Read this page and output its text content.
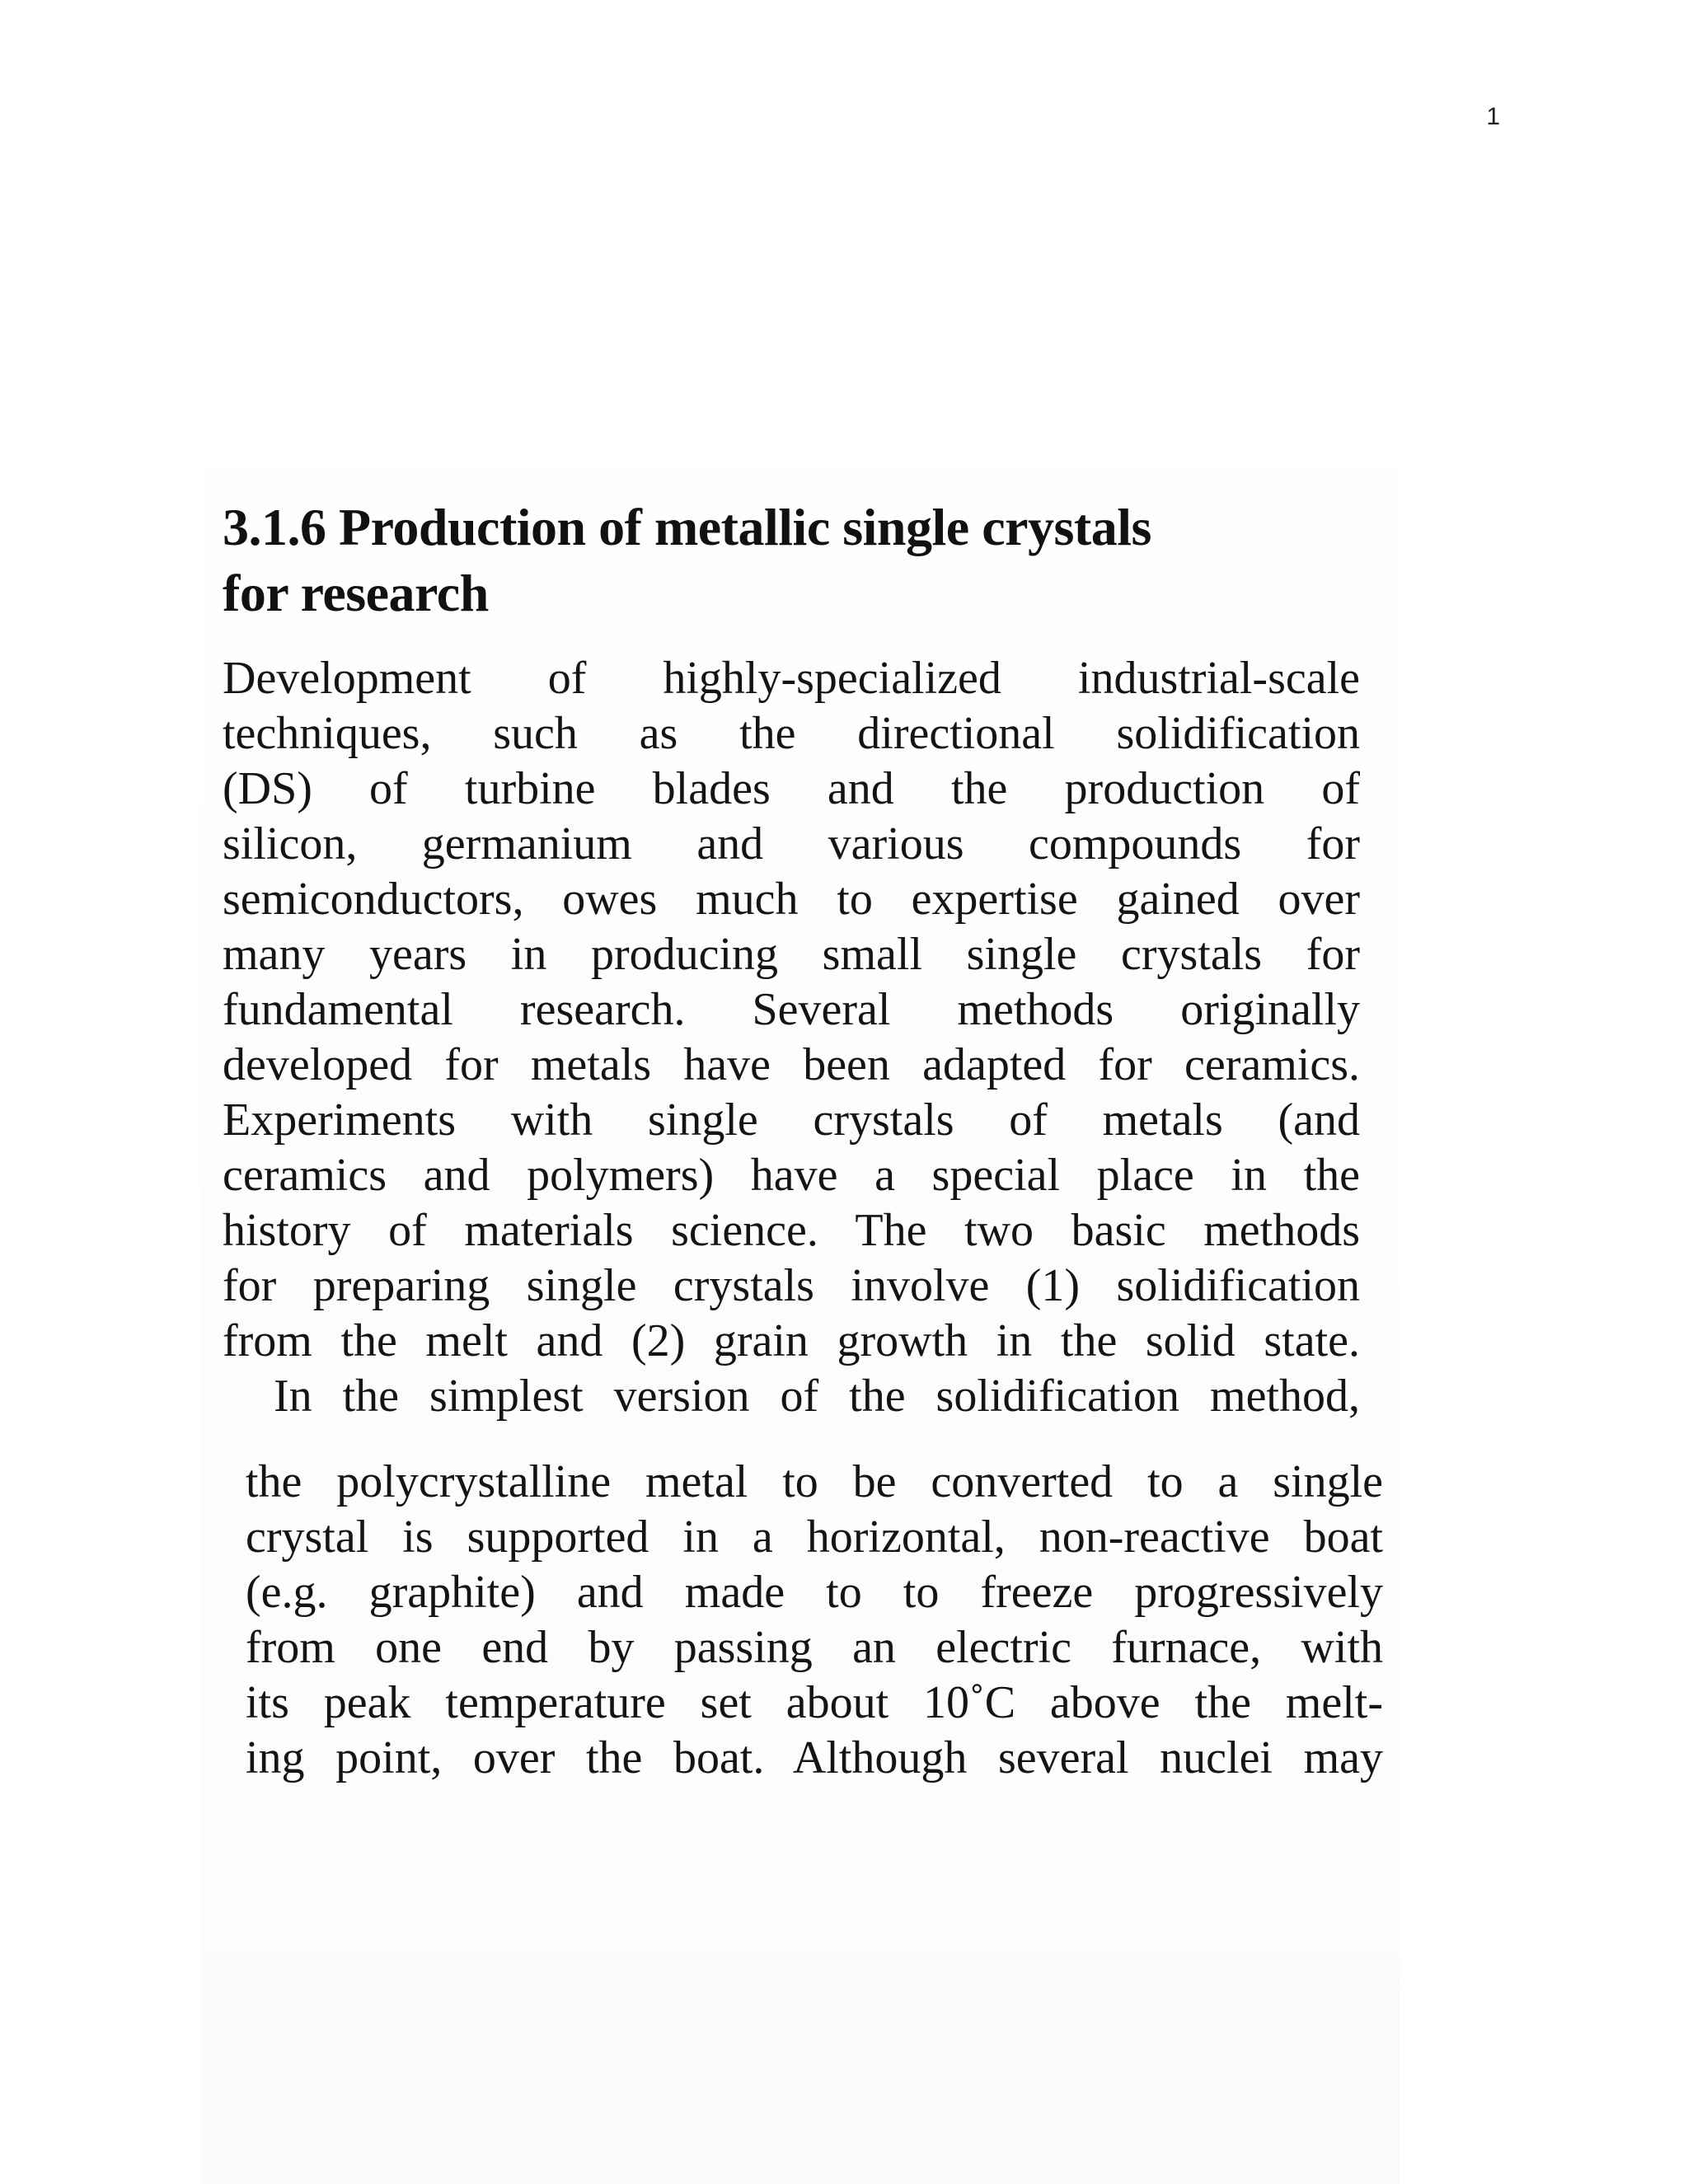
1
3.1.6 Production of metallic single crystals
for research
Development of highly-specialized industrial-scale
techniques, such as the directional solidification
(DS) of turbine blades and the production of
silicon, germanium and various compounds for
semiconductors, owes much to expertise gained over
many years in producing small single crystals for
fundamental research. Several methods originally
developed for metals have been adapted for ceramics.
Experiments with single crystals of metals (and
ceramics and polymers) have a special place in the
history of materials science. The two basic methods
for preparing single crystals involve (1) solidification
from the melt and (2) grain growth in the solid state.
In the simplest version of the solidification method,
the polycrystalline metal to be converted to a single
crystal is supported in a horizontal, non-reactive boat
(e.g. graphite) and made to to freeze progressively
from one end by passing an electric furnace, with
its peak temperature set about 10˚C above the melt-
ing point, over the boat. Although several nuclei may
